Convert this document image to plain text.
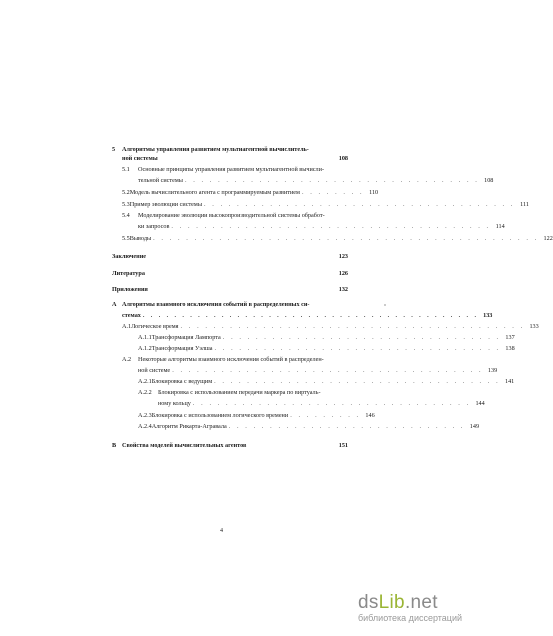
5	Алгоритмы управления развитием мультиагентной вычислитель-
ной системы	108
5.1	Основные принципы управления развитием мультиагентной вычисли-
тельной системы . . . . . . . . . . . . . . . . . . . . . . . . . . . . . . . . . . . . 108
5.2 Модель вычислительного агента с программируемым развитием . . . . . . . . 110
5.3 Пример эволюции системы . . . . . . . . . . . . . . . . . . . . . . . . . . . . . . . . . . . . . . 111
5.4	Моделирование эволюции высокопроизводительной системы обработ-
ки запросов . . . . . . . . . . . . . . . . . . . . . . . . . . . . . . . . . . . . . . . 114
5.5 Выводы . . . . . . . . . . . . . . . . . . . . . . . . . . . . . . . . . . . . . . . . . . . . . . . 122
Заключение	123
Литература	126
Приложения	132
A Алгоритмы взаимного исключения событий в распределенных си-
стемах . . . . . . . . . . . . . . . . . . . . . . . . . . . . . . . . . . . . . . . . . . . 133
A.1 Логическое время . . . . . . . . . . . . . . . . . . . . . . . . . . . . . . . . . . . . . . . . . . 133
A.1.1 Трансформация Лампорта . . . . . . . . . . . . . . . . . . . . . . . . . . . . . . . . . . 137
A.1.2 Трансформация Уэлша . . . . . . . . . . . . . . . . . . . . . . . . . . . . . . . . . . . 138
A.2	Некоторые алгоритмы взаимного исключения событий в распределен-
ной системе . . . . . . . . . . . . . . . . . . . . . . . . . . . . . . . . . . . . . . 139
A.2.1 Блокировка с ведущим . . . . . . . . . . . . . . . . . . . . . . . . . . . . . . . . . . . 141
A.2.2	Блокировка с использованием передачи маркера по виртуаль-
ному кольцу . . . . . . . . . . . . . . . . . . . . . . . . . . . . . . . . . . 144
A.2.3 Блокировка с использованием логического времени . . . . . . . . . 146
A.2.4 Алгоритм Рикарта-Агравала . . . . . . . . . . . . . . . . . . . . . . . . . . . . . 149
B Свойства моделей вычислительных агентов	151
4
dsLib.net
библиотека диссертаций
